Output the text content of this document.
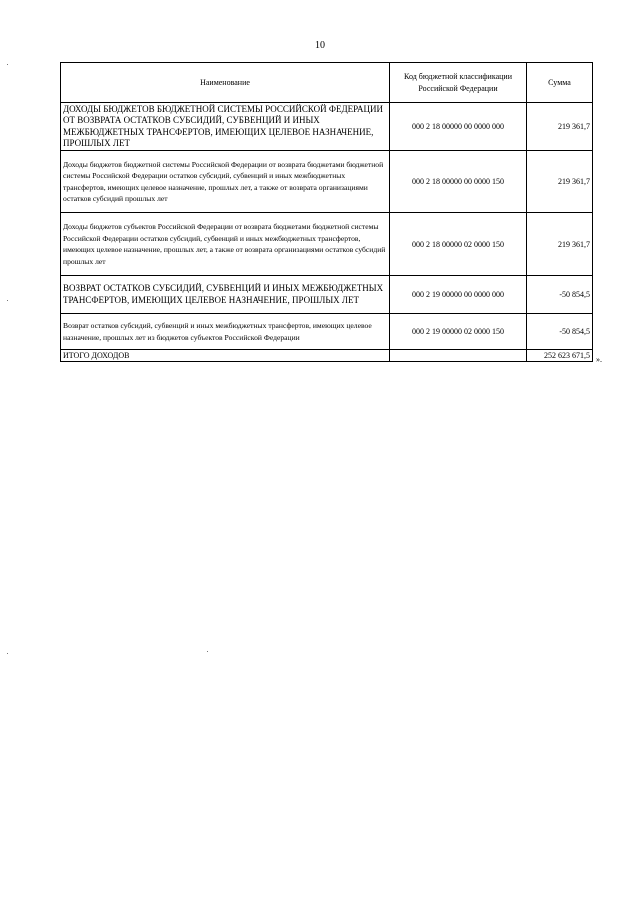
10
Наименование	Код бюджетной классификации Российской Федерации	Сумма
ДОХОДЫ БЮДЖЕТОВ БЮДЖЕТНОЙ СИСТЕМЫ РОССИЙСКОЙ ФЕДЕРАЦИИ ОТ ВОЗВРАТА ОСТАТКОВ СУБСИДИЙ, СУБВЕНЦИЙ И ИНЫХ МЕЖБЮДЖЕТНЫХ ТРАНСФЕРТОВ, ИМЕЮЩИХ ЦЕЛЕВОЕ НАЗНАЧЕНИЕ, ПРОШЛЫХ ЛЕТ	000 2 18 00000 00 0000 000	219 361,7
Доходы бюджетов бюджетной системы Российской Федерации от возврата бюджетами бюджетной системы Российской Федерации остатков субсидий, субвенций и иных межбюджетных трансфертов, имеющих целевое назначение, прошлых лет, а также от возврата организациями остатков субсидий прошлых лет	000 2 18 00000 00 0000 150	219 361,7
Доходы бюджетов субъектов Российской Федерации от возврата бюджетами бюджетной системы Российской Федерации остатков субсидий, субвенций и иных межбюджетных трансфертов, имеющих целевое назначение, прошлых лет, а также от возврата организациями остатков субсидий прошлых лет	000 2 18 00000 02 0000 150	219 361,7
ВОЗВРАТ ОСТАТКОВ СУБСИДИЙ, СУБВЕНЦИЙ И ИНЫХ МЕЖБЮДЖЕТНЫХ ТРАНСФЕРТОВ, ИМЕЮЩИХ ЦЕЛЕВОЕ НАЗНАЧЕНИЕ, ПРОШЛЫХ ЛЕТ	000 2 19 00000 00 0000 000	-50 854,5
Возврат остатков субсидий, субвенций и иных межбюджетных трансфертов, имеющих целевое назначение, прошлых лет из бюджетов субъектов Российской Федерации	000 2 19 00000 02 0000 150	-50 854,5
ИТОГО ДОХОДОВ		252 623 671,5 ».
